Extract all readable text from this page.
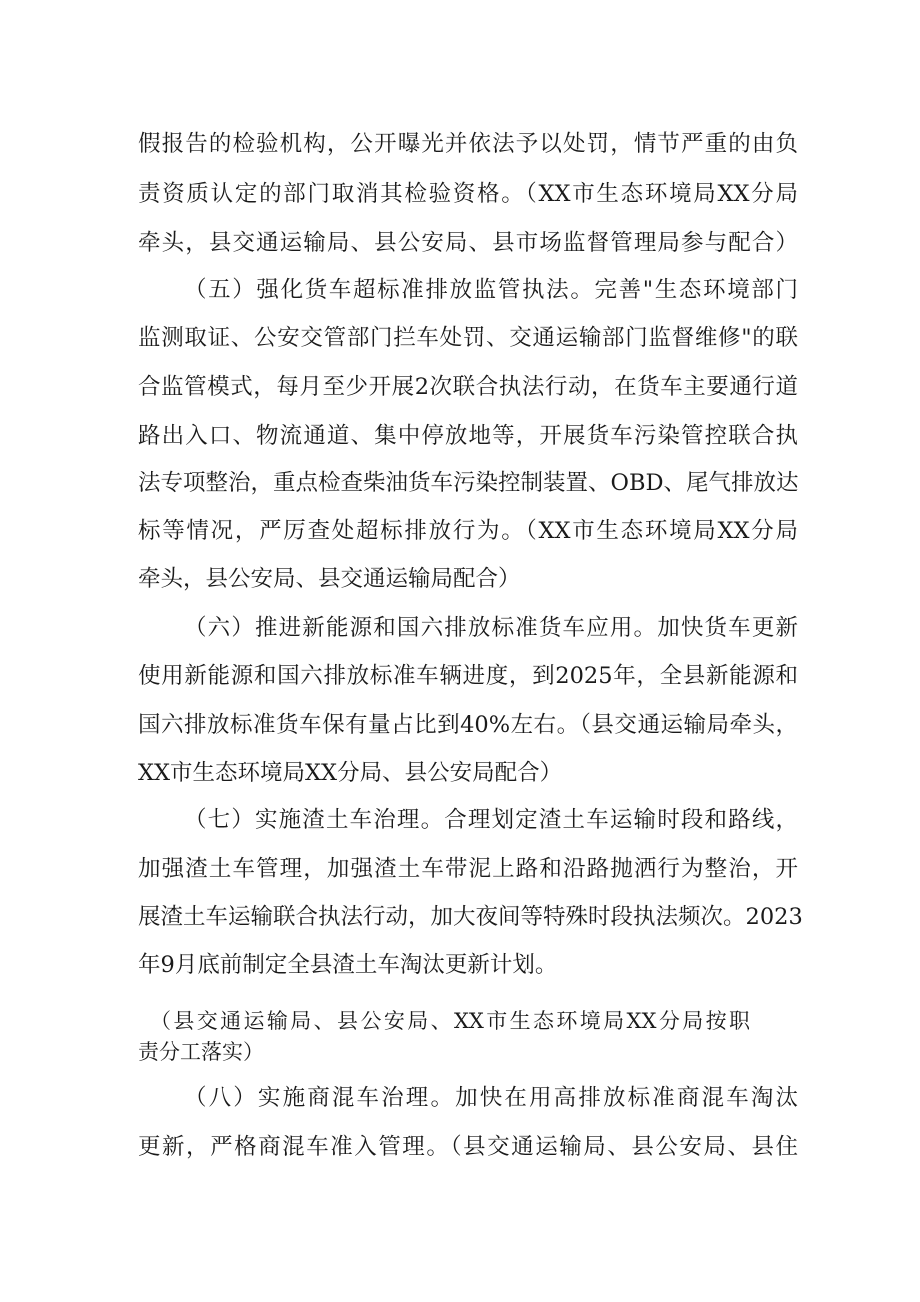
假报告的检验机构，公开曝光并依法予以处罚，情节严重的由负
责资质认定的部门取消其检验资格。（XX市生态环境局XX分局
牵头，县交通运输局、县公安局、县市场监督管理局参与配合）
（五）强化货车超标准排放监管执法。完善"生态环境部门
监测取证、公安交管部门拦车处罚、交通运输部门监督维修"的联
合监管模式，每月至少开展2次联合执法行动，在货车主要通行道
路出入口、物流通道、集中停放地等，开展货车污染管控联合执
法专项整治，重点检查柴油货车污染控制装置、OBD、尾气排放达
标等情况，严厉查处超标排放行为。（XX市生态环境局XX分局
牵头，县公安局、县交通运输局配合）
（六）推进新能源和国六排放标准货车应用。加快货车更新
使用新能源和国六排放标准车辆进度，到2025年，全县新能源和
国六排放标准货车保有量占比到40%左右。（县交通运输局牵头，
XX市生态环境局XX分局、县公安局配合）
（七）实施渣土车治理。合理划定渣土车运输时段和路线，
加强渣土车管理，加强渣土车带泥上路和沿路抛洒行为整治，开
展渣土车运输联合执法行动，加大夜间等特殊时段执法频次。2023
年9月底前制定全县渣土车淘汰更新计划。
（县交通运输局、县公安局、XX市生态环境局XX分局按职
责分工落实）
（八）实施商混车治理。加快在用高排放标准商混车淘汰
更新，严格商混车准入管理。（县交通运输局、县公安局、县住
